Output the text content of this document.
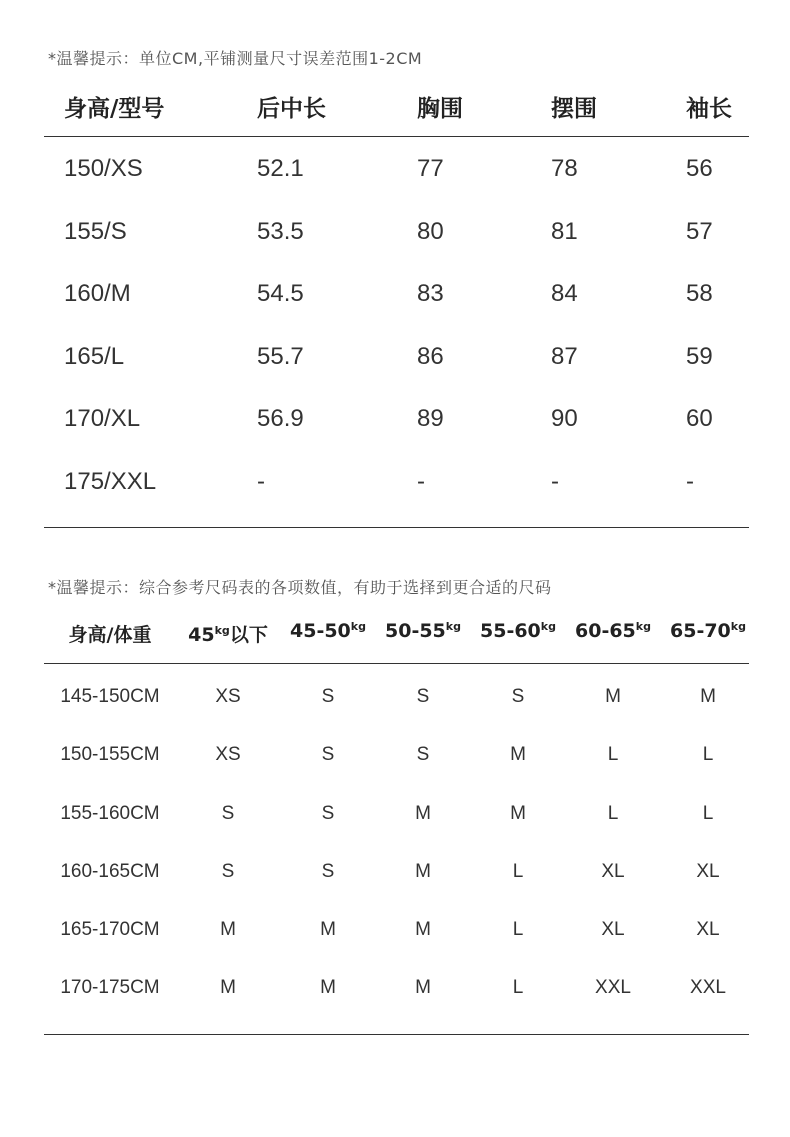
*温馨提示：单位CM,平铺测量尺寸误差范围1-2CM
身高/型号	后中长	胸围	摆围	袖长
150/XS	52.1	77	78	56
155/S	53.5	80	81	57
160/M	54.5	83	84	58
165/L	55.7	86	87	59
170/XL	56.9	89	90	60
175/XXL	-	-	-	-
*温馨提示：综合参考尺码表的各项数值，有助于选择到更合适的尺码
身高/体重 $45^{kg}$以下 $45-50^{kg}$ $50-55^{kg}$ $55-60^{kg}$ $60-65^{kg}$ $65-70^{kg}$
145-150CM	XS	S	S	S	M	M
150-155CM	XS	S	S	M	L	L
155-160CM	S	S	M	M	L	L
160-165CM	S	S	M	L	XL	XL
165-170CM	M	M	M	L	XL	XL
170-175CM	M	M	M	L	XXL	XXL
